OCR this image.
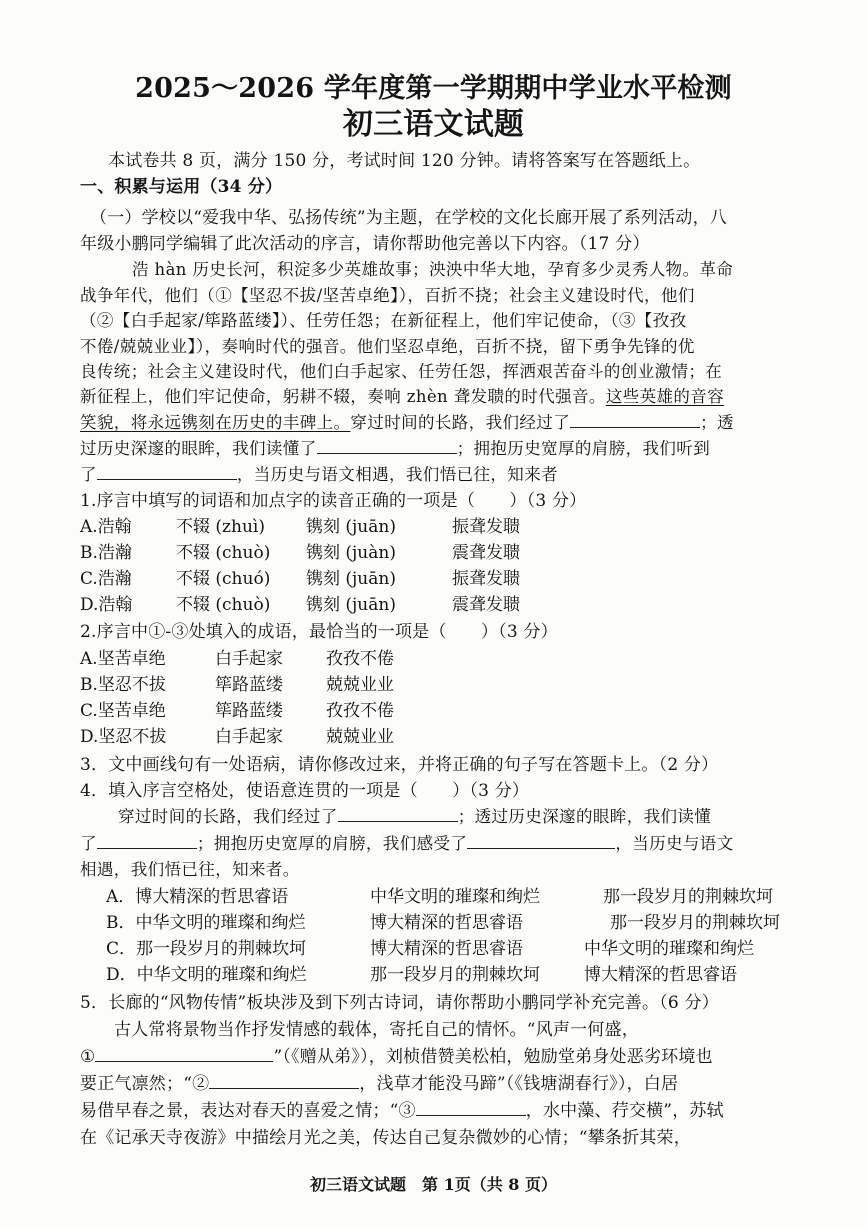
2025～2026 学年度第一学期期中学业水平检测
初三语文试题
本试卷共 8 页，满分 150 分，考试时间 120 分钟。请将答案写在答题纸上。
一、积累与运用（34 分）
（一）学校以“爱我中华、弘扬传统”为主题，在学校的文化长廊开展了系列活动，八
年级小鹏同学编辑了此次活动的序言，请你帮助他完善以下内容。（17 分）
浩 hàn 历史长河，积淀多少英雄故事；泱泱中华大地，孕育多少灵秀人物。革命
战争年代，他们（①【坚忍不拔/坚苦卓绝】），百折不挠；社会主义建设时代，他们
（②【白手起家/筚路蓝缕】）、任劳任怨；在新征程上，他们牢记使命，（③【孜孜
不倦/兢兢业业】），奏响时代的强音。他们坚忍卓绝，百折不挠，留下勇争先锋的优
良传统；社会主义建设时代，他们白手起家、任劳任怨，挥洒艰苦奋斗的创业激情；在
新征程上，他们牢记使命，躬耕不辍，奏响 zhèn 聋发聩的时代强音。这些英雄的音容
笑貌，将永远镌刻在历史的丰碑上。穿过时间的长路，我们经过了	；透
过历史深邃的眼眸，我们读懂了	；拥抱历史宽厚的肩膀，我们听到
了	，当历史与语文相遇，我们悟已往，知来者
1.序言中填写的词语和加点字的读音正确的一项是（　　）（3 分）
A.浩翰	不辍 (zhuì) 镌刻 (juān)	振聋发聩
B.浩瀚	不辍 (chuò) 镌刻 (juàn)	震聋发聩
C.浩瀚	不辍 (chuó) 镌刻 (juān)	振聋发聩
D.浩翰	不辍 (chuò) 镌刻 (juān)	震聋发聩
2.序言中①-③处填入的成语，最恰当的一项是（　　）（3 分）
A.坚苦卓绝	白手起家	孜孜不倦
B.坚忍不拔	筚路蓝缕	兢兢业业
C.坚苦卓绝	筚路蓝缕	孜孜不倦
D.坚忍不拔	白手起家	兢兢业业
3．文中画线句有一处语病，请你修改过来，并将正确的句子写在答题卡上。（2 分）
4．填入序言空格处，使语意连贯的一项是（　　）（3 分）
穿过时间的长路，我们经过了	；透过历史深邃的眼眸，我们读懂
了	；拥抱历史宽厚的肩膀，我们感受了	，当历史与语文
相遇，我们悟已往，知来者。
A．博大精深的哲思睿语	中华文明的璀璨和绚烂	那一段岁月的荆棘坎坷
B．中华文明的璀璨和绚烂	博大精深的哲思睿语	那一段岁月的荆棘坎坷
C．那一段岁月的荆棘坎坷	博大精深的哲思睿语	中华文明的璀璨和绚烂
D．中华文明的璀璨和绚烂	那一段岁月的荆棘坎坷	博大精深的哲思睿语
5．长廊的“风物传情”板块涉及到下列古诗词，请你帮助小鹏同学补充完善。（6 分）
古人常将景物当作抒发情感的载体，寄托自己的情怀。“风声一何盛，
①	”（《赠从弟》），刘桢借赞美松柏，勉励堂弟身处恶劣环境也
要正气凛然；“②	，浅草才能没马蹄”（《钱塘湖春行》），白居
易借早春之景，表达对春天的喜爱之情；“③	，水中藻、荇交横”，苏轼
在《记承天寺夜游》中描绘月光之美，传达自己复杂微妙的心情；“攀条折其荣，
初三语文试题　第 1页（共 8 页）
